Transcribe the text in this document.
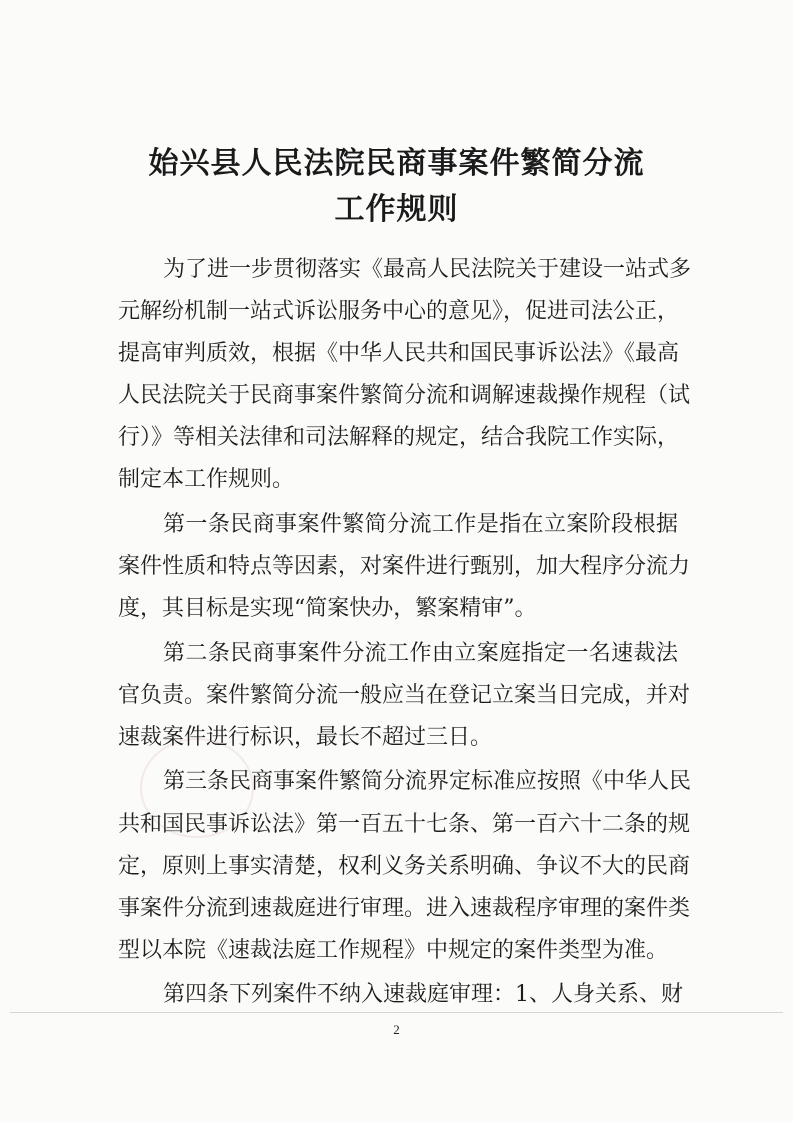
始兴县人民法院民商事案件繁简分流
工作规则
为了进一步贯彻落实《最高人民法院关于建设一站式多
元解纷机制一站式诉讼服务中心的意见》，促进司法公正，
提高审判质效，根据《中华人民共和国民事诉讼法》《最高
人民法院关于民商事案件繁简分流和调解速裁操作规程（试
行）》等相关法律和司法解释的规定，结合我院工作实际，
制定本工作规则。
第一条民商事案件繁简分流工作是指在立案阶段根据
案件性质和特点等因素，对案件进行甄别，加大程序分流力
度，其目标是实现“简案快办，繁案精审”。
第二条民商事案件分流工作由立案庭指定一名速裁法
官负责。案件繁简分流一般应当在登记立案当日完成，并对
速裁案件进行标识，最长不超过三日。
第三条民商事案件繁简分流界定标准应按照《中华人民
共和国民事诉讼法》第一百五十七条、第一百六十二条的规
定，原则上事实清楚，权利义务关系明确、争议不大的民商
事案件分流到速裁庭进行审理。进入速裁程序审理的案件类
型以本院《速裁法庭工作规程》中规定的案件类型为准。
第四条下列案件不纳入速裁庭审理：1、人身关系、财
2
